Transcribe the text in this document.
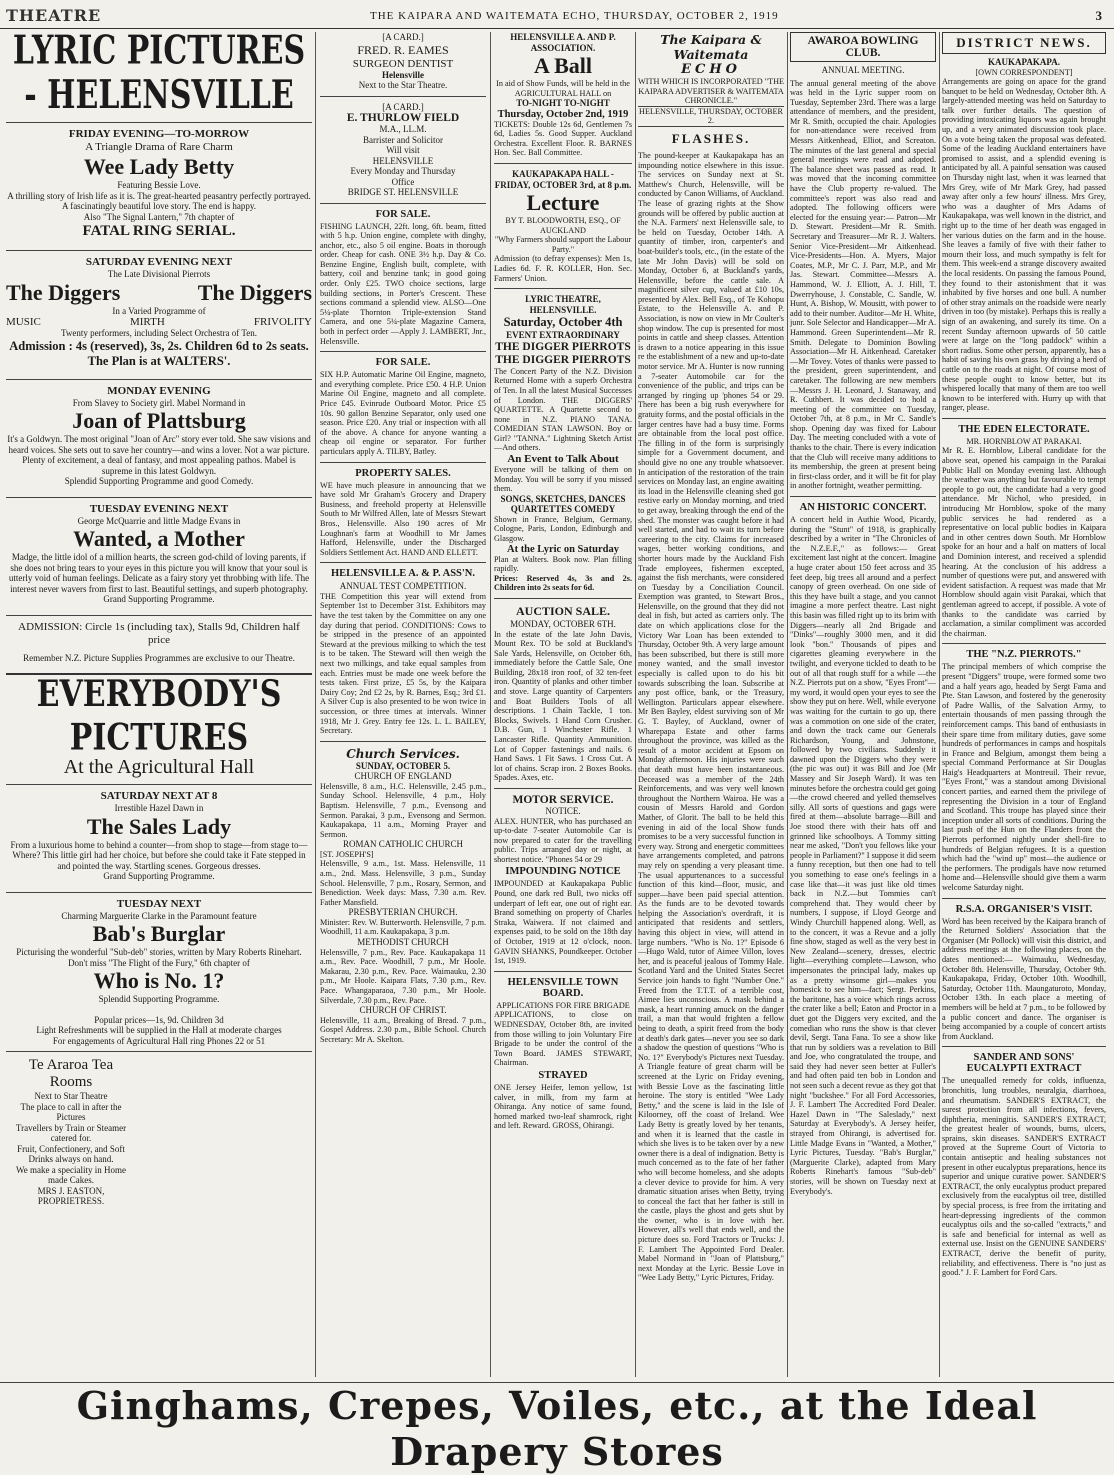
THEATRE	THE KAIPARA AND WAITEMATA ECHO, THURSDAY, OCTOBER 2, 1919	3
LYRIC PICTURES - HELENSVILLE

FRIDAY EVENING—TO-MORROW

A Triangle Drama of Rare Charm

Wee Lady Betty

Featuring Bessie Love.

A thrilling story of Irish life as it is. The great-hearted peasantry perfectly portrayed. A fascinatingly beautiful love story. The end is happy.

Also "The Signal Lantern," 7th chapter of

FATAL RING SERIAL.

SATURDAY EVENING NEXT

The Late Divisional Pierrots

The Diggers	The Diggers

In a Varied Programme of

MUSIC	MIRTH	FRIVOLITY

Twenty performers, including Select Orchestra of Ten.

Admission : 4s (reserved), 3s, 2s. Children 6d to 2s seats. The Plan is at WALTERS'.

MONDAY EVENING

From Slavey to Society girl. Mabel Normand in

Joan of Plattsburg

It's a Goldwyn. The most original "Joan of Arc" story ever told. She saw visions and heard voices. She sets out to save her country—and wins a lover. Not a war picture. Plenty of excitement, a deal of fantasy, and most appealing pathos. Mabel is supreme in this latest Goldwyn.

Splendid Supporting Programme and good Comedy.

TUESDAY EVENING NEXT

George McQuarrie and little Madge Evans in

Wanted, a Mother

Madge, the little idol of a million hearts, the screen god-child of loving parents, if she does not bring tears to your eyes in this picture you will know that your soul is utterly void of human feelings. Delicate as a fairy story yet throbbing with life. The interest never wavers from first to last. Beautiful settings, and superb photography.

Grand Supporting Programme.

ADMISSION: Circle 1s (including tax), Stalls 9d, Children half price

Remember N.Z. Picture Supplies Programmes are exclusive to our Theatre.

EVERYBODY'S PICTURES

At the Agricultural Hall

SATURDAY NEXT AT 8

Irrestible Hazel Dawn in

The Sales Lady

From a luxurious home to behind a counter—from shop to stage—from stage to—Where? This little girl had her choice, but before she could take it Fate stepped in and pointed the way. Startling scenes. Gorgeous dresses.

Grand Supporting Programme.

TUESDAY NEXT

Charming Marguerite Clarke in the Paramount feature

Bab's Burglar

Picturising the wonderful "Sub-deb" stories, written by Mary Roberts Rinehart.

Don't miss "The Flight of the Fury," 6th chapter of

Who is No. 1?

Splendid Supporting Programme.

Popular prices—1s, 9d. Children 3d

Light Refreshments will be supplied in the Hall at moderate charges

For engagements of Agricultural Hall ring Phones 22 or 51

Te Araroa Tea Rooms

Next to Star Theatre

The place to call in after the Pictures

Travellers by Train or Steamer catered for.

Fruit, Confectionery, and Soft Drinks always on hand.

We make a speciality in Home made Cakes.

MRS J. EASTON, PROPRIETRESS.

[A CARD.]

FRED. R. EAMES

SURGEON DENTIST

Helensville

Next to the Star Theatre.

[A CARD.]

E. THURLOW FIELD

M.A., LL.M.

Barrister and Solicitor

Will visit

HELENSVILLE

Every Monday and Thursday

Office

BRIDGE ST. HELENSVILLE

FOR SALE.

FISHING LAUNCH, 22ft. long, 6ft. beam, fitted with 5 h.p. Union engine, complete with dinghy, anchor, etc., also 5 oil engine. Boats in thorough order. Cheap for cash. ONE 3½ h.p. Day & Co. Benzine Engine, English built, complete, with battery, coil and benzine tank; in good going order. Only £25. TWO choice sections, large building sections, in Porter's Crescent. These sections command a splendid view. ALSO—One 5¼-plate Thornton Triple-extension Stand Camera, and one 5¼-plate Magazine Camera, both in perfect order —Apply J. LAMBERT, Jnr., Helensville.

FOR SALE.

SIX H.P. Automatic Marine Oil Engine, magneto, and everything complete. Price £50. 4 H.P. Union Marine Oil Engine, magneto and all complete. Price £45. Evinrude Outboard Motor. Price £5 10s. 90 gallon Benzine Separator, only used one season. Price £20. Any trial or inspection with all of the above. A chance for anyone wanting a cheap oil engine or separator. For further particulars apply A. TILBY, Batley.

PROPERTY SALES.

WE have much pleasure in announcing that we have sold Mr Graham's Grocery and Drapery Business, and freehold property at Helensville South to Mr Wilfred Allen, late of Messrs Stewart Bros., Helensville. Also 190 acres of Mr Loughnan's farm at Woodhill to Mr James Hafford, Helensville, under the Discharged Soldiers Settlement Act. HAND AND ELLETT.

HELENSVILLE A. & P. ASS'N.

ANNUAL TEST COMPETITION.

THE Competition this year will extend from September 1st to December 31st. Exhibitors may have the test taken by the Committee on any one day during that period. CONDITIONS: Cows to be stripped in the presence of an appointed Steward at the previous milking to which the test is to be taken. The Steward will then weigh the next two milkings, and take equal samples from each. Entries must be made one week before the tests taken. First prize, £5 5s, by the Kaipara Dairy Coy; 2nd £2 2s, by R. Barnes, Esq.; 3rd £1. A Silver Cup is also presented to be won twice in succession, or three times at intervals. Winner 1918, Mr J. Grey. Entry fee 12s. L. L. BAILEY, Secretary.

Church Services.

SUNDAY, OCTOBER 5.

CHURCH OF ENGLAND

Helensville, 8 a.m., H.C. Helensville, 2.45 p.m., Sunday School. Helensville, 4 p.m., Holy Baptism. Helensville, 7 p.m., Evensong and Sermon. Parakai, 3 p.m., Evensong and Sermon. Kaukapakapa, 11 a.m., Morning Prayer and Sermon.

ROMAN CATHOLIC CHURCH

[ST. JOSEPH'S]

Helensville, 9 a.m., 1st. Mass. Helensville, 11 a.m., 2nd. Mass. Helensville, 3 p.m., Sunday School. Helensville, 7 p.m., Rosary, Sermon, and Benediction. Week days: Mass, 7.30 a.m. Rev. Father Mansfield.

PRESBYTERIAN CHURCH.

Minister: Rev. W. Butterworth. Helensville, 7 p.m. Woodhill, 11 a.m. Kaukapakapa, 3 p.m.

METHODIST CHURCH

Helensville, 7 p.m., Rev. Pace. Kaukapakapa 11 a.m., Rev. Pace. Woodhill, 7 p.m., Mr Hoole. Makarau, 2.30 p.m., Rev. Pace. Waimauku, 2.30 p.m., Mr Hoole. Kaipara Flats, 7.30 p.m., Rev. Pace. Whangaparaoa, 7.30 p.m., Mr Hoole. Silverdale, 7.30 p.m., Rev. Pace.

CHURCH OF CHRIST.

Helensville, 11 a.m., Breaking of Bread. 7 p.m., Gospel Address. 2.30 p.m., Bible School. Church Secretary: Mr A. Skelton.

HELENSVILLE A. AND P. ASSOCIATION.

A Ball

In aid of Show Funds, will be held in the AGRICULTURAL HALL on

TO-NIGHT TO-NIGHT

Thursday, October 2nd, 1919

TICKETS: Double 12s 6d, Gentlemen 7s 6d, Ladies 5s. Good Supper. Auckland Orchestra. Excellent Floor. R. BARNES Hon. Sec. Ball Committee.

KAUKAPAKAPA HALL - FRIDAY, OCTOBER 3rd, at 8 p.m.

Lecture

BY T. BLOODWORTH, ESQ., OF AUCKLAND

"Why Farmers should support the Labour Party."

Admission (to defray expenses): Men 1s, Ladies 6d. F. R. KOLLER, Hon. Sec. Farmers' Union.

LYRIC THEATRE, HELENSVILLE.

Saturday, October 4th

EVENT EXTRAORDINARY

THE DIGGER PIERROTS THE DIGGER PIERROTS

The Concert Party of the N.Z. Division Returned Home with a superb Orchestra of Ten. In all the latest Musical Successes of London. THE DIGGERS' QUARTETTE. A Quartette second to none in N.Z. PIANO TANA. COMEDIAN STAN LAWSON. Boy or Girl? "TANNA." Lightning Sketch Artist—And others.

An Event to Talk About

Everyone will be talking of them on Monday. You will be sorry if you missed them.

SONGS, SKETCHES, DANCES QUARTETTES COMEDY

Shown in France, Belgium, Germany, Cologne, Paris, London, Edinburgh and Glasgow.

At the Lyric on Saturday

Plan at Walters. Book now. Plan filling rapidly.

Prices: Reserved 4s, 3s and 2s. Children into 2s seats for 6d.

AUCTION SALE.

MONDAY, OCTOBER 6TH.

In the estate of the late John Davis, Mount Rex. TO be sold at Buckland's Sale Yards, Helensville, on October 6th, immediately before the Cattle Sale, One Building, 28x18 iron roof, of 32 ten-feet iron. Quantity of planks and other timber and stove. Large quantity of Carpenters and Boat Builders Tools of all descriptions. 1 Chain Tackle, 1 ton. Blocks, Swivels. 1 Hand Corn Crusher. D.B. Gun, 1 Winchester Rifle. 1 Lancaster Rifle. Quantity Ammunition. Lot of Copper fastenings and nails. 6 Hand Saws. 1 Fit Saws. 1 Cross Cut. A lot of chains. Scrap iron. 2 Boxes Books. Spades. Axes, etc.

MOTOR SERVICE.

NOTICE.

ALEX. HUNTER, who has purchased an up-to-date 7-seater Automobile Car is now prepared to cater for the travelling public. Trips arranged day or night, at shortest notice. "Phones 54 or 29

IMPOUNDING NOTICE

IMPOUNDED at Kaukapakapa Public Pound, one dark red Bull, two nicks off underpart of left ear, one out of right ear. Brand something on property of Charles Straka, Waiwera. If not claimed and expenses paid, to be sold on the 18th day of October, 1919 at 12 o'clock, noon. GAVIN SHANKS, Poundkeeper. October 1st, 1919.

HELENSVILLE TOWN BOARD.

APPLICATIONS FOR FIRE BRIGADE

APPLICATIONS, to close on WEDNESDAY, October 8th, are invited from those willing to join Voluntary Fire Brigade to be under the control of the Town Board. JAMES STEWART, Chairman.

STRAYED

ONE Jersey Heifer, lemon yellow, 1st calver, in milk, from my farm at Ohiranga. Any notice of same found, horned marked two-leaf shamrock, right and left. Reward. GROSS, Ohirangi.

The Kaipara & Waitemata

ECHO

WITH WHICH IS INCORPORATED "THE KAIPARA ADVERTISER & WAITEMATA CHRONICLE."

HELENSVILLE, THURSDAY, OCTOBER 2.

FLASHES.

The pound-keeper at Kaukapakapa has an impounding notice elsewhere in this issue. The services on Sunday next at St. Matthew's Church, Helensville, will be conducted by Canon Williams, of Auckland. The lease of grazing rights at the Show grounds will be offered by public auction at the N.A. Farmers' next Helensville sale, to be held on Tuesday, October 14th. A quantity of timber, iron, carpenter's and boat-builder's tools, etc., (in the estate of the late Mr John Davis) will be sold on Monday, October 6, at Buckland's yards, Helensville, before the cattle sale. A magnificent silver cup, valued at £10 10s, presented by Alex. Bell Esq., of Te Kohopu Estate, to the Helensville A. and P. Association, is now on view in Mr Coulter's shop window. The cup is presented for most points in cattle and sheep classes. Attention is drawn to a notice appearing in this issue re the establishment of a new and up-to-date motor service. Mr A. Hunter is now running a 7-seater Automobile car for the convenience of the public, and trips can be arranged by ringing up 'phones 54 or 29. There has been a big rush everywhere for gratuity forms, and the postal officials in the larger centres have had a busy time. Forms are obtainable from the local post office. The filling in of the form is surprisingly simple for a Government document, and should give no one any trouble whatsoever. In anticipation of the restoration of the train services on Monday last, an engine awaiting its load in the Helensville cleaning shed got restive early on Monday morning, and tried to get away, breaking through the end of the shed. The monster was caught before it had well started, and had to wait its turn before careering to the city. Claims for increased wages, better working conditions, and shorter hours made by the Auckland Fish Trade employees, fishermen excepted, against the fish merchants, were considered on Tuesday by a Conciliation Council. Exemption was granted, to Stewart Bros., Helensville, on the ground that they did not deal in fish, but acted as carriers only. The date on which applications close for the Victory War Loan has been extended to Thursday, October 9th. A very large amount has been subscribed, but there is still more money wanted, and the small investor especially is called upon to do his bit towards subscribing the loan. Subscribe at any post office, bank, or the Treasury, Wellington. Particulars appear elsewhere. Mr Ben Bayley, eldest surviving son of Mr G. T. Bayley, of Auckland, owner of Wharepapa Estate and other farms throughout the province, was killed as the result of a motor accident at Epsom on Monday afternoon. His injuries were such that death must have been instantaneous. Deceased was a member of the 24th Reinforcements, and was very well known throughout the Northern Wairoa. He was a cousin of Messrs Harold and Gordon Mather, of Glorit. The ball to be held this evening in aid of the local Show funds promises to be a very successful function in every way. Strong and energetic committees have arrangements completed, and patrons may rely on spending a very pleasant time. The usual appurtenances to a successful function of this kind—floor, music, and supper—have been paid special attention. As the funds are to be devoted towards helping the Association's overdraft, it is anticipated that residents and settlers, having this object in view, will attend in large numbers. "Who is No. 1?" Episode 6—Hugo Wald, tutor of Aimee Villon, loves her, and is peaceful jealous of Tommy Hale. Scotland Yard and the United States Secret Service join hands to fight "Number One." Freed from the T.T.T. of a terrible cost, Aimee lies unconscious. A mask behind a mask, a heart running amuck on the danger trail, a man that would frighten a fellow being to death, a spirit freed from the body at death's dark gates—never you see so dark a shadow the question of questions "Who is No. 1?" Everybody's Pictures next Tuesday. A Triangle feature of great charm will be screened at the Lyric on Friday evening, with Bessie Love as the fascinating little heroine. The story is entitled "Wee Lady Betty," and the scene is laid in the Isle of Kiloorney, off the coast of Ireland. Wee Lady Betty is greatly loved by her tenants, and when it is learned that the castle in which she lives is to be taken over by a new owner there is a deal of indignation. Betty is much concerned as to the fate of her father who will become homeless, and she adopts a clever device to provide for him. A very dramatic situation arises when Betty, trying to conceal the fact that her father is still in the castle, plays the ghost and gets shut by the owner, who is in love with her. However, all's well that ends well, and the picture does so. Ford Tractors or Trucks: J. F. Lambert The Appointed Ford Dealer. Mabel Normand in "Joan of Plattsburg," next Monday at the Lyric. Bessie Love in "Wee Lady Betty," Lyric Pictures, Friday.

AWAROA BOWLING CLUB.

ANNUAL MEETING.

The annual general meeting of the above was held in the Lyric supper room on Tuesday, September 23rd. There was a large attendance of members, and the president, Mr R. Smith, occupied the chair. Apologies for non-attendance were received from Messrs Aitkenhead, Elliot, and Screaton. The minutes of the last general and special general meetings were read and adopted. The balance sheet was passed as read. It was moved that the incoming committee have the Club property re-valued. The committee's report was also read and adopted. The following officers were elected for the ensuing year:— Patron—Mr D. Stewart. President—Mr R. Smith. Secretary and Treasurer—Mr R. J. Walters. Senior Vice-President—Mr Aitkenhead. Vice-Presidents—Hon. A. Myers, Major Coates, M.P., Mr C. J. Parr, M.P., and Mr Jas. Stewart. Committee—Messrs A. Hammond, W. J. Elliott, A. J. Hill, T. Dwerryhouse, J. Constable, C. Sandle, W. Hunt, A. Bishop, W. Mousitt, with power to add to their number. Auditor—Mr H. White, junr. Sole Selector and Handicapper—Mr A. Hammond. Green Superintendent—Mr R. Smith. Delegate to Dominion Bowling Association—Mr H. Aitkenhead. Caretaker—Mr Tovey. Votes of thanks were passed to the president, green superintendent, and caretaker. The following are new members—Messrs J. H. Leonard, J. Stanaway, and R. Cuthbert. It was decided to hold a meeting of the committee on Tuesday, October 7th, at 8 p.m., in Mr C. Sandle's shop. Opening day was fixed for Labour Day. The meeting concluded with a vote of thanks to the chair. There is every indication that the Club will receive many additions to its membership, the green at present being in first-class order, and it will be fit for play in another fortnight, weather permitting.

AN HISTORIC CONCERT.

A concert held in Authie Wood, Picardy, during the "Stunt" of 1918, is graphically described by a writer in "The Chronicles of the N.Z.E.F.," as follows:— Great excitement last night at the concert. Imagine a huge crater about 150 feet across and 35 feet deep, big trees all around and a perfect canopy of green overhead. On one side of this they have built a stage, and you cannot imagine a more perfect theatre. Last night this basin was filled right up to its brim with Diggers—nearly all 2nd Brigade and "Dinks"—roughly 3000 men, and it did look "bon." Thousands of pipes and cigarettes gleaming everywhere in the twilight, and everyone tickled to death to be out of all that rough stuff for a while —the N.Z. Pierrots put on a show, "Eyes Front"—my word, it would open your eyes to see the show they put on here. Well, while everyone was waiting for the curtain to go up, there was a commotion on one side of the crater, and down the track came our Generals Richardson, Young, and Johnstone, followed by two civilians. Suddenly it dawned upon the Diggers who they were (the pic was out) it was Bill and Joe (Mr Massey and Sir Joseph Ward). It was ten minutes before the orchestra could get going—the crowd cheered and yelled themselves silly. All sorts of questions and gags were fired at them—absolute barrage—Bill and Joe stood there with their hats off and grinned like schoolboys. A Tommy sitting near me asked, "Don't you fellows like your people in Parliament?" I suppose it did seem a funny reception, but then one had to tell you something to ease one's feelings in a case like that—it was just like old times back in N.Z.—but Tommies can't comprehend that. They would cheer by numbers, I suppose, if Lloyd George and Windy Churchill happened along. Well, as to the concert, it was a Revue and a jolly fine show, staged as well as the very best in New Zealand—scenery, dresses, electric light—everything complete—Lawson, who impersonates the principal lady, makes up as a pretty winsome girl—makes you homesick to see him—fact; Sergt. Perkins, the baritone, has a voice which rings across the crater like a bell; Eaton and Proctor in a duet got the Diggers very excited, and the comedian who runs the show is that clever devil, Sergt. Tana Fana. To see a show like that run by soldiers was a revelation to Bill and Joe, who congratulated the troupe, and said they had never seen better at Fuller's and had often paid ten bob in London and not seen such a decent revue as they got that night "buckshee." For all Ford Accessories, J. F. Lambert The Accredited Ford Dealer. Hazel Dawn in "The Saleslady," next Saturday at Everybody's. A Jersey heifer, strayed from Ohirangi, is advertised for. Little Madge Evans in "Wanted, a Mother," Lyric Pictures, Tuesday. "Bab's Burglar," (Marguerite Clarke), adapted from Mary Roberts Rinehart's famous "Sub-deb" stories, will be shown on Tuesday next at Everybody's.

DISTRICT NEWS.

KAUKAPAKAPA.

[OWN CORRESPONDENT]

Arrangements are going on apace for the grand banquet to be held on Wednesday, October 8th. A largely-attended meeting was held on Saturday to talk over further details. The question of providing intoxicating liquors was again brought up, and a very animated discussion took place. On a vote being taken the proposal was defeated. Some of the leading Auckland entertainers have promised to assist, and a splendid evening is anticipated by all. A painful sensation was caused on Thursday night last, when it was learned that Mrs Grey, wife of Mr Mark Grey, had passed away after only a few hours' illness. Mrs Grey, who was a daughter of Mrs Adams of Kaukapakapa, was well known in the district, and right up to the time of her death was engaged in her various duties on the farm and in the house. She leaves a family of five with their father to mourn their loss, and much sympathy is felt for them. This week-end a strange discovery awaited the local residents. On passing the famous Pound, they found to their astonishment that it was inhabited by five horses and one bull. A number of other stray animals on the roadside were nearly driven in too (by mistake). Perhaps this is really a sign of an awakening, and surely its time. On a recent Sunday afternoon upwards of 50 cattle were at large on the "long paddock" within a short radius. Some other person, apparently, has a habit of saving his own grass by driving a herd of cattle on to the roads at night. Of course most of these people ought to know better, but its whispered locally that many of them are too well known to be interfered with. Hurry up with that ranger, please.

THE EDEN ELECTORATE.

MR. HORNBLOW AT PARAKAI.

Mr R. E. Hornblow, Liberal candidate for the above seat, opened his campaign in the Parakai Public Hall on Monday evening last. Although the weather was anything but favourable to tempt people to go out, the candidate had a very good attendance. Mr Nichol, who presided, in introducing Mr Hornblow, spoke of the many public services he had rendered as a representative on local public bodies in Kaipara and in other centres down South. Mr Hornblow spoke for an hour and a half on matters of local and Dominion interest, and received a splendid hearing. At the conclusion of his address a number of questions were put, and answered with evident satisfaction. A request was made that Mr Hornblow should again visit Parakai, which that gentleman agreed to accept, if possible. A vote of thanks to the candidate was carried by acclamation, a similar compliment was accorded the chairman.

THE "N.Z. PIERROTS."

The principal members of which comprise the present "Diggers" troupe, were formed some two and a half years ago, headed by Sergt Fama and Pte. Stan Lawson, and fostered by the generosity of Padre Wallis, of the Salvation Army, to entertain thousands of men passing through the reinforcement camps. This band of enthusiasts in their spare time from military duties, gave some hundreds of performances in camps and hospitals in France and Belgium, amongst them being a special Command Performance at Sir Douglas Haig's Headquarters at Montreuil. Their revue, "Eyes Front," was a standout among Divisional concert parties, and earned them the privilege of representing the Division in a tour of England and Scotland. This troupe has played since their inception under all sorts of conditions. During the last push of the Hun on the Flanders front the Pierrots performed nightly under shell-fire to hundreds of Belgian refugees. It is a question which had the "wind up" most—the audience or the performers. The prodigals have now returned home and—Helensville should give them a warm welcome Saturday night.

R.S.A. ORGANISER'S VISIT.

Word has been received by the Kaipara branch of the Returned Soldiers' Association that the Organiser (Mr Pollock) will visit this district, and address meetings at the following places, on the dates mentioned:— Waimauku, Wednesday, October 8th. Helensville, Thursday, October 9th. Kaukapakapa, Friday, October 10th. Woodhill, Saturday, October 11th. Maungaturoto, Monday, October 13th. In each place a meeting of members will be held at 7 p.m., to be followed by a public concert and dance. The organiser is being accompanied by a couple of concert artists from Auckland.

SANDER AND SONS' EUCALYPTI EXTRACT

The unequalled remedy for colds, influenza, bronchitis, lung troubles, neuralgia, diarrhoea, and rheumatism. SANDER'S EXTRACT, the surest protection from all infections, fevers, diphtheria, meningitis. SANDER'S EXTRACT, the greatest healer of wounds, burns, ulcers, sprains, skin diseases. SANDER'S EXTRACT proved at the Supreme Court of Victoria to contain antiseptic and healing substances not present in other eucalyptus preparations, hence its superior and unique curative power. SANDER'S EXTRACT, the only eucalyptus product prepared exclusively from the eucalyptus oil tree, distilled by special process, is free from the irritating and heart-depressing ingredients of the common eucalyptus oils and the so-called "extracts," and is safe and beneficial for internal as well as external use. Insist on the GENUINE SANDERS' EXTRACT, derive the benefit of purity, reliability, and effectiveness. There is "no just as good." J. F. Lambert for Ford Cars.

Ginghams, Crepes, Voiles, etc., at the Ideal Drapery Stores
